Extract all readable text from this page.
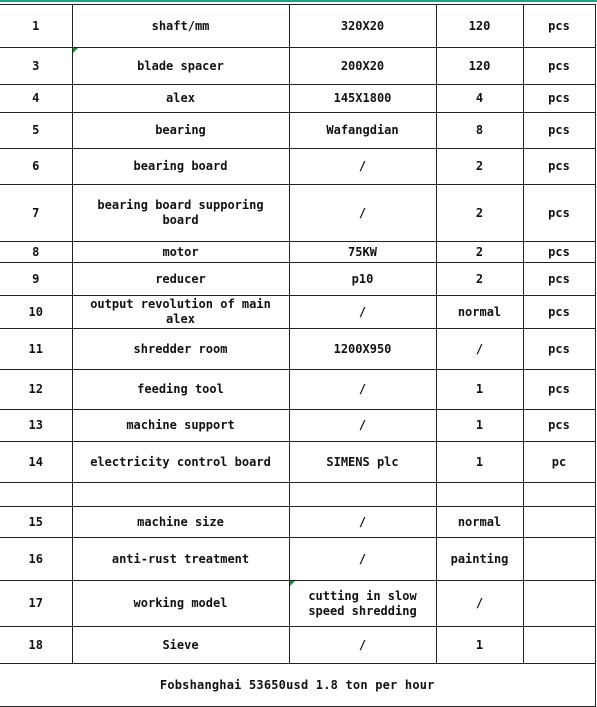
1	shaft/mm	320X20	120	pcs
3	blade spacer	200X20	120	pcs
4	alex	145X1800	4	pcs
5	bearing	Wafangdian	8	pcs
6	bearing board	/	2	pcs
7	bearing board supporing board	/	2	pcs
8	motor	75KW	2	pcs
9	reducer	p10	2	pcs
10	output revolution of main alex	/	normal	pcs
11	shredder room	1200X950	/	pcs
12	feeding tool	/	1	pcs
13	machine support	/	1	pcs
14	electricity control board	SIMENS plc	1	pc

15	machine size	/	normal	
16	anti-rust treatment	/	painting	
17	working model	cutting in slow speed shredding	/	
18	Sieve	/	1	
Fobshanghai 53650usd 1.8 ton per hour				
